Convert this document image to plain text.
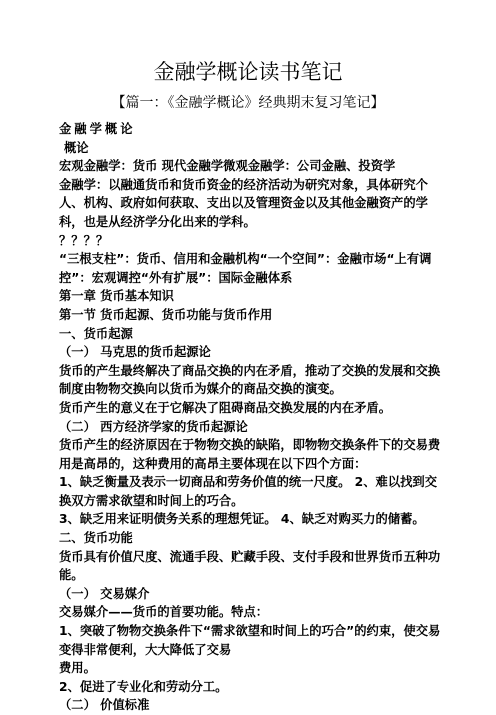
金融学概论读书笔记
【篇一：《金融学概论》经典期末复习笔记】

金融学概论

概论

宏观金融学：货币 现代金融学微观金融学：公司金融、投资学

金融学：以融通货币和货币资金的经济活动为研究对象，具体研究个人、机构、政府如何获取、支出以及管理资金以及其他金融资产的学科，也是从经济学分化出来的学科。

？？？？

“三根支柱”：货币、信用和金融机构“一个空间”：金融市场“上有调控”：宏观调控“外有扩展”：国际金融体系

第一章 货币基本知识

第一节 货币起源、货币功能与货币作用

一、货币起源

（一） 马克思的货币起源论

货币的产生最终解决了商品交换的内在矛盾，推动了交换的发展和交换制度由物物交换向以货币为媒介的商品交换的演变。

货币产生的意义在于它解决了阻碍商品交换发展的内在矛盾。

（二） 西方经济学家的货币起源论

货币产生的经济原因在于物物交换的缺陷，即物物交换条件下的交易费用是高昂的，这种费用的高昂主要体现在以下四个方面：

1、缺乏衡量及表示一切商品和劳务价值的统一尺度。 2、难以找到交换双方需求欲望和时间上的巧合。

3、缺乏用来证明债务关系的理想凭证。 4、缺乏对购买力的储蓄。

二、货币功能

货币具有价值尺度、流通手段、贮藏手段、支付手段和世界货币五种功能。

（一） 交易媒介

交易媒介——货币的首要功能。特点：

1、突破了物物交换条件下“需求欲望和时间上的巧合”的约束，使交易变得非常便利，大大降低了交易

费用。

2、促进了专业化和劳动分工。

（二） 价值标准
